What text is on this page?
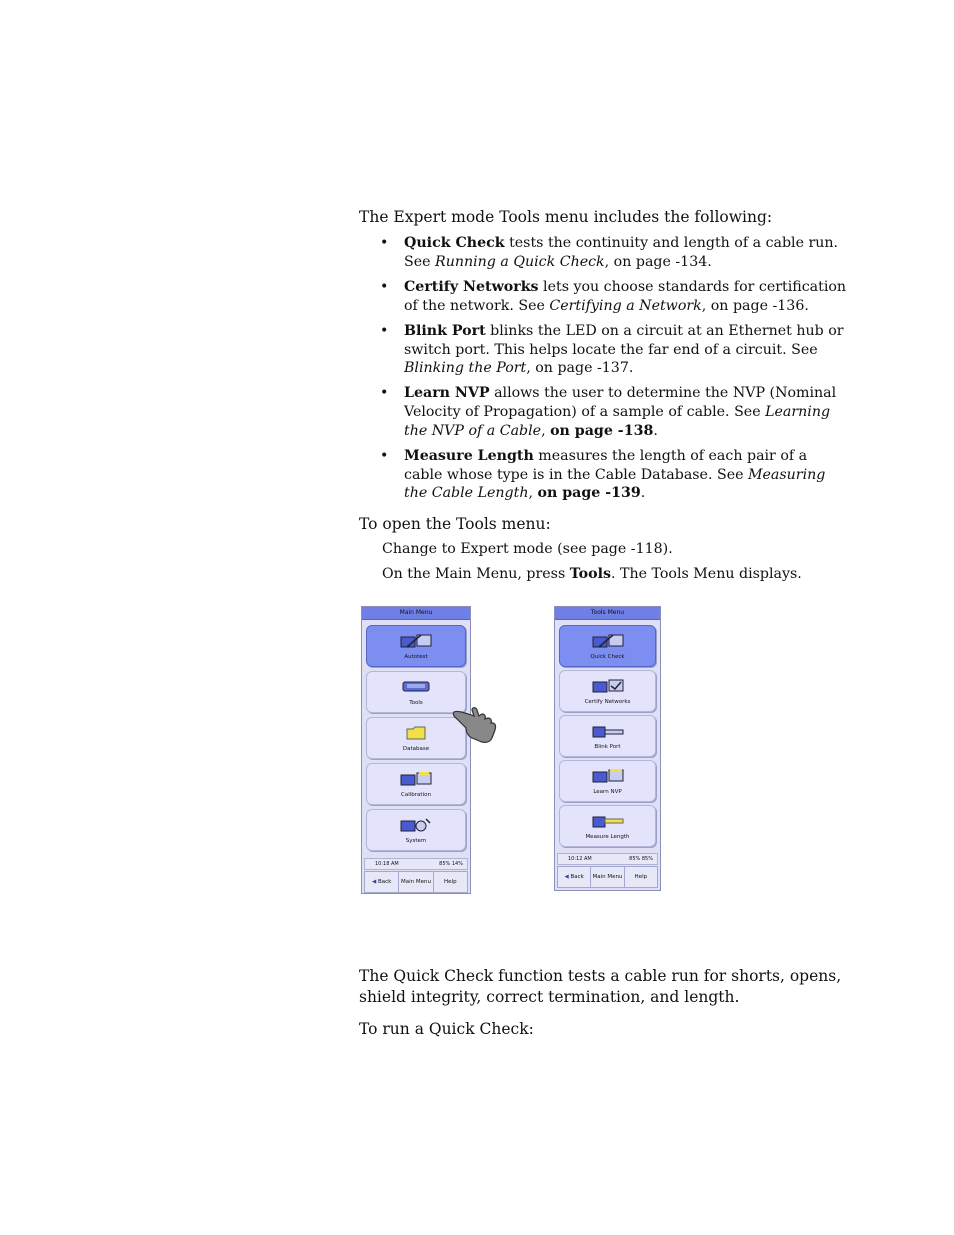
The Expert mode Tools menu includes the following:
• Quick Check tests the continuity and length of a cable run. See Running a Quick Check, on page -134.
• Certify Networks lets you choose standards for certification of the network. See Certifying a Network, on page -136.
• Blink Port blinks the LED on a circuit at an Ethernet hub or switch port. This helps locate the far end of a circuit. See Blinking the Port, on page -137.
• Learn NVP allows the user to determine the NVP (Nominal Velocity of Propagation) of a sample of cable. See Learning the NVP of a Cable, on page -138.
• Measure Length measures the length of each pair of a cable whose type is in the Cable Database. See Measuring the Cable Length, on page -139.
To open the Tools menu:
Change to Expert mode (see page -118).
On the Main Menu, press Tools. The Tools Menu displays.
Main Menu
Autotest
Tools
Database
Calibration
System
10:18 AM	85% 14%
◀ Back	Main Menu	Help
Tools Menu
Quick Check
Certify Networks
Blink Port
Learn NVP
Measure Length
10:12 AM	85% 85%
◀ Back Main Menu	Help
The Quick Check function tests a cable run for shorts, opens, shield integrity, correct termination, and length.
To run a Quick Check:
